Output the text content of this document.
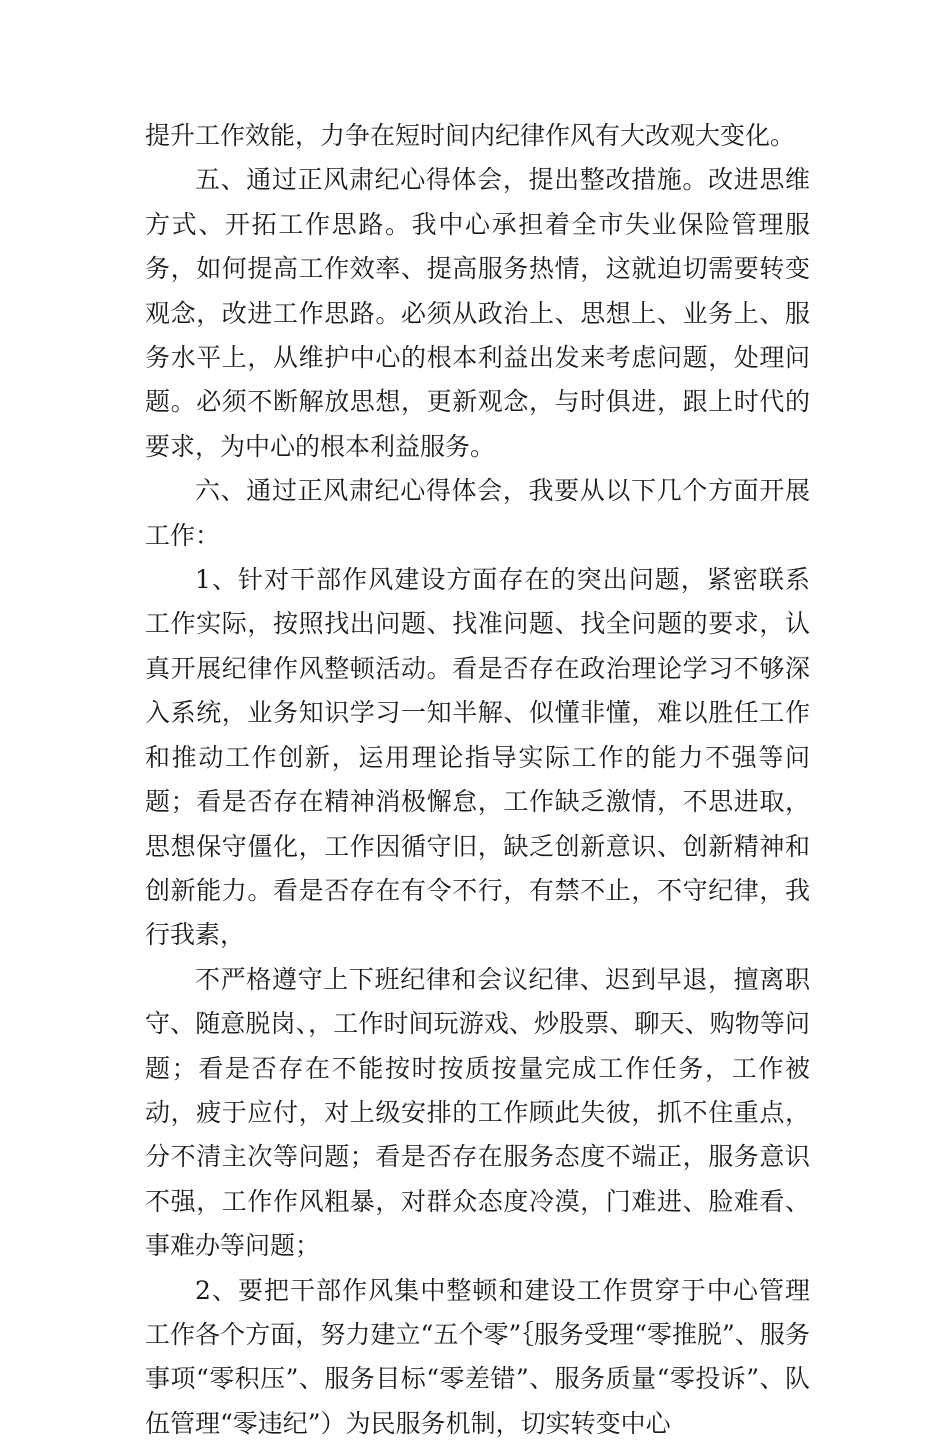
提升工作效能，力争在短时间内纪律作风有大改观大变化。

五、通过正风肃纪心得体会，提出整改措施。改进思维方式、开拓工作思路。我中心承担着全市失业保险管理服务，如何提高工作效率、提高服务热情，这就迫切需要转变观念，改进工作思路。必须从政治上、思想上、业务上、服务水平上，从维护中心的根本利益出发来考虑问题，处理问题。必须不断解放思想，更新观念，与时俱进，跟上时代的要求，为中心的根本利益服务。

六、通过正风肃纪心得体会，我要从以下几个方面开展工作：

1、针对干部作风建设方面存在的突出问题，紧密联系工作实际，按照找出问题、找准问题、找全问题的要求，认真开展纪律作风整顿活动。看是否存在政治理论学习不够深入系统，业务知识学习一知半解、似懂非懂，难以胜任工作和推动工作创新，运用理论指导实际工作的能力不强等问题；看是否存在精神消极懈怠，工作缺乏激情，不思进取，思想保守僵化，工作因循守旧，缺乏创新意识、创新精神和创新能力。看是否存在有令不行，有禁不止，不守纪律，我行我素，

不严格遵守上下班纪律和会议纪律、迟到早退，擅离职守、随意脱岗、，工作时间玩游戏、炒股票、聊天、购物等问题；看是否存在不能按时按质按量完成工作任务，工作被动，疲于应付，对上级安排的工作顾此失彼，抓不住重点，分不清主次等问题；看是否存在服务态度不端正，服务意识不强，工作作风粗暴，对群众态度冷漠，门难进、脸难看、事难办等问题；

2、要把干部作风集中整顿和建设工作贯穿于中心管理工作各个方面，努力建立“五个零”｛服务受理“零推脱”、服务事项“零积压”、服务目标“零差错”、服务质量“零投诉”、队伍管理“零违纪”）为民服务机制，切实转变中心
